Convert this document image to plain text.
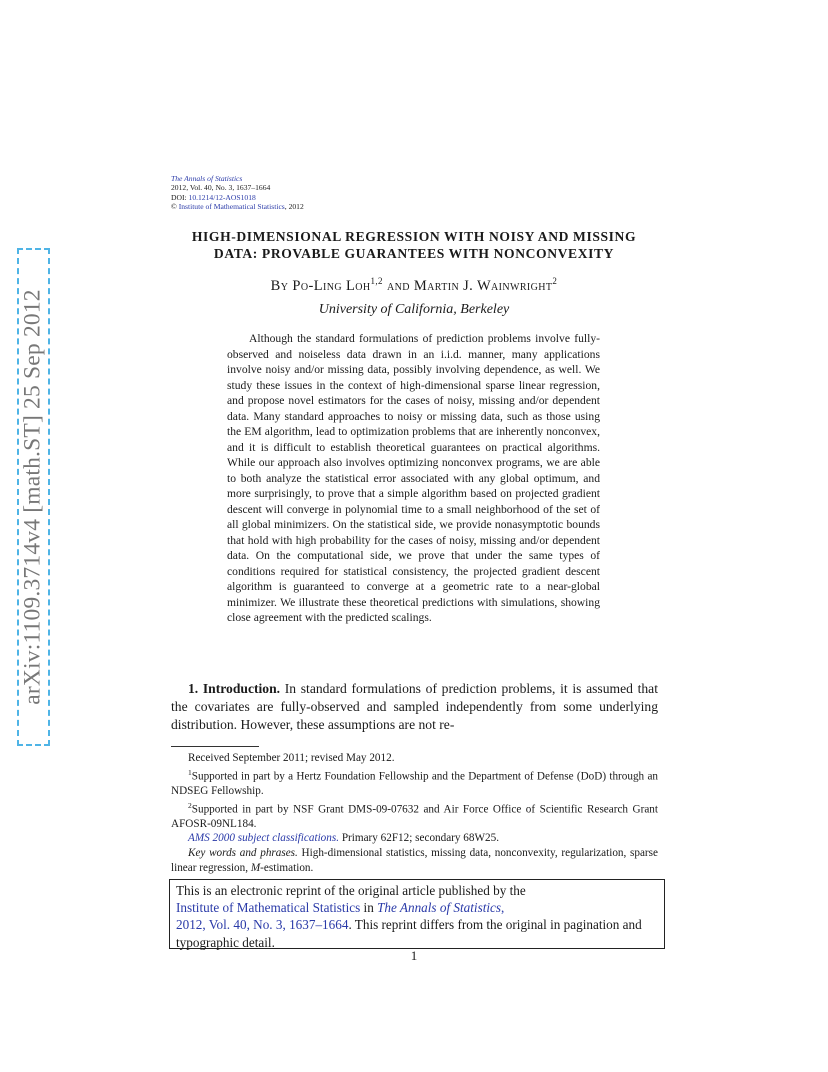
arXiv:1109.3714v4 [math.ST] 25 Sep 2012
The Annals of Statistics
2012, Vol. 40, No. 3, 1637–1664
DOI: 10.1214/12-AOS1018
© Institute of Mathematical Statistics, 2012
HIGH-DIMENSIONAL REGRESSION WITH NOISY AND MISSING
DATA: PROVABLE GUARANTEES WITH NONCONVEXITY
By Po-Ling Loh$^{1,2}$ and Martin J. Wainwright$^2$
University of California, Berkeley

Although the standard formulations of prediction problems involve fully-observed and noiseless data drawn in an i.i.d. manner, many applications involve noisy and/or missing data, possibly involving dependence, as well. We study these issues in the context of high-dimensional sparse linear regression, and propose novel estimators for the cases of noisy, missing and/or dependent data. Many standard approaches to noisy or missing data, such as those using the EM algorithm, lead to optimization problems that are inherently nonconvex, and it is difficult to establish theoretical guarantees on practical algorithms. While our approach also involves optimizing nonconvex programs, we are able to both analyze the statistical error associated with any global optimum, and more surprisingly, to prove that a simple algorithm based on projected gradient descent will converge in polynomial time to a small neighborhood of the set of all global minimizers. On the statistical side, we provide nonasymptotic bounds that hold with high probability for the cases of noisy, missing and/or dependent data. On the computational side, we prove that under the same types of conditions required for statistical consistency, the projected gradient descent algorithm is guaranteed to converge at a geometric rate to a near-global minimizer. We illustrate these theoretical predictions with simulations, showing close agreement with the predicted scalings.

1. Introduction. In standard formulations of prediction problems, it is assumed that the covariates are fully-observed and sampled independently from some underlying distribution. However, these assumptions are not re-

Received September 2011; revised May 2012.

$^1$Supported in part by a Hertz Foundation Fellowship and the Department of Defense (DoD) through an NDSEG Fellowship.

$^2$Supported in part by NSF Grant DMS-09-07632 and Air Force Office of Scientific Research Grant AFOSR-09NL184.

AMS 2000 subject classifications. Primary 62F12; secondary 68W25.

Key words and phrases. High-dimensional statistics, missing data, nonconvexity, regularization, sparse linear regression, M-estimation.

This is an electronic reprint of the original article published by the
Institute of Mathematical Statistics in The Annals of Statistics,
2012, Vol. 40, No. 3, 1637–1664. This reprint differs from the original in pagination and typographic detail.
1
